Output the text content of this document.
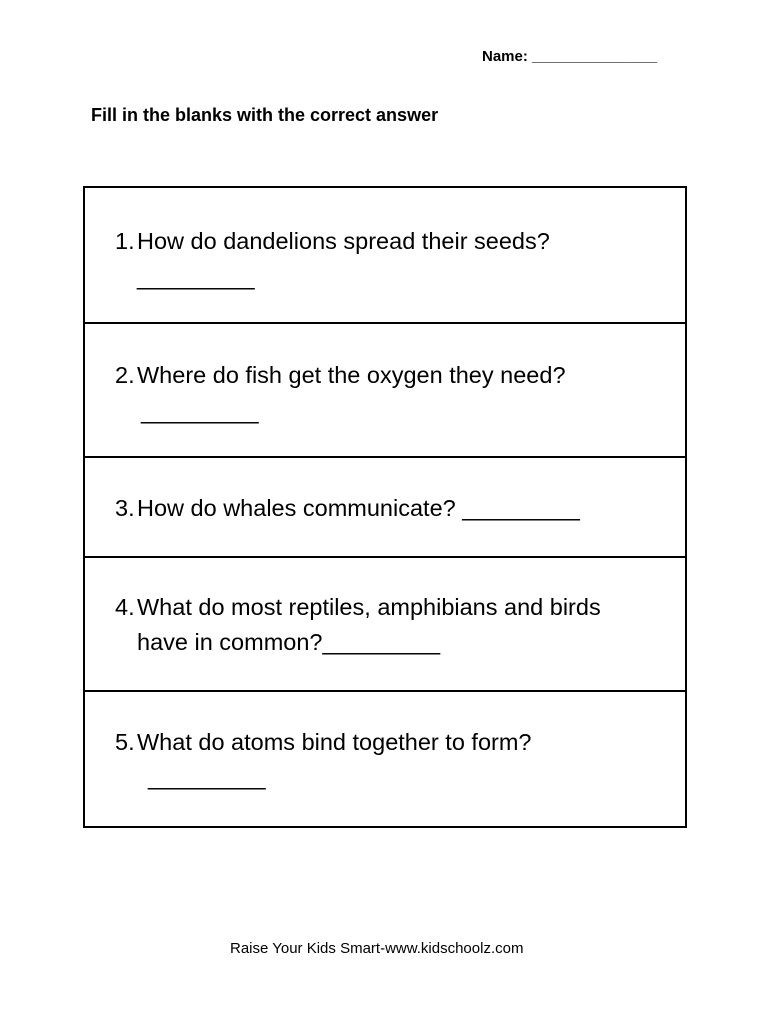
Name: _______________
Fill in the blanks with the correct answer
1. How do dandelions spread their seeds?
_________
2. Where do fish get the oxygen they need?
_________
3. How do whales communicate? _________
4. What do most reptiles, amphibians and birds
have in common?_________
5. What do atoms bind together to form?
_________
Raise Your Kids Smart-www.kidschoolz.com
